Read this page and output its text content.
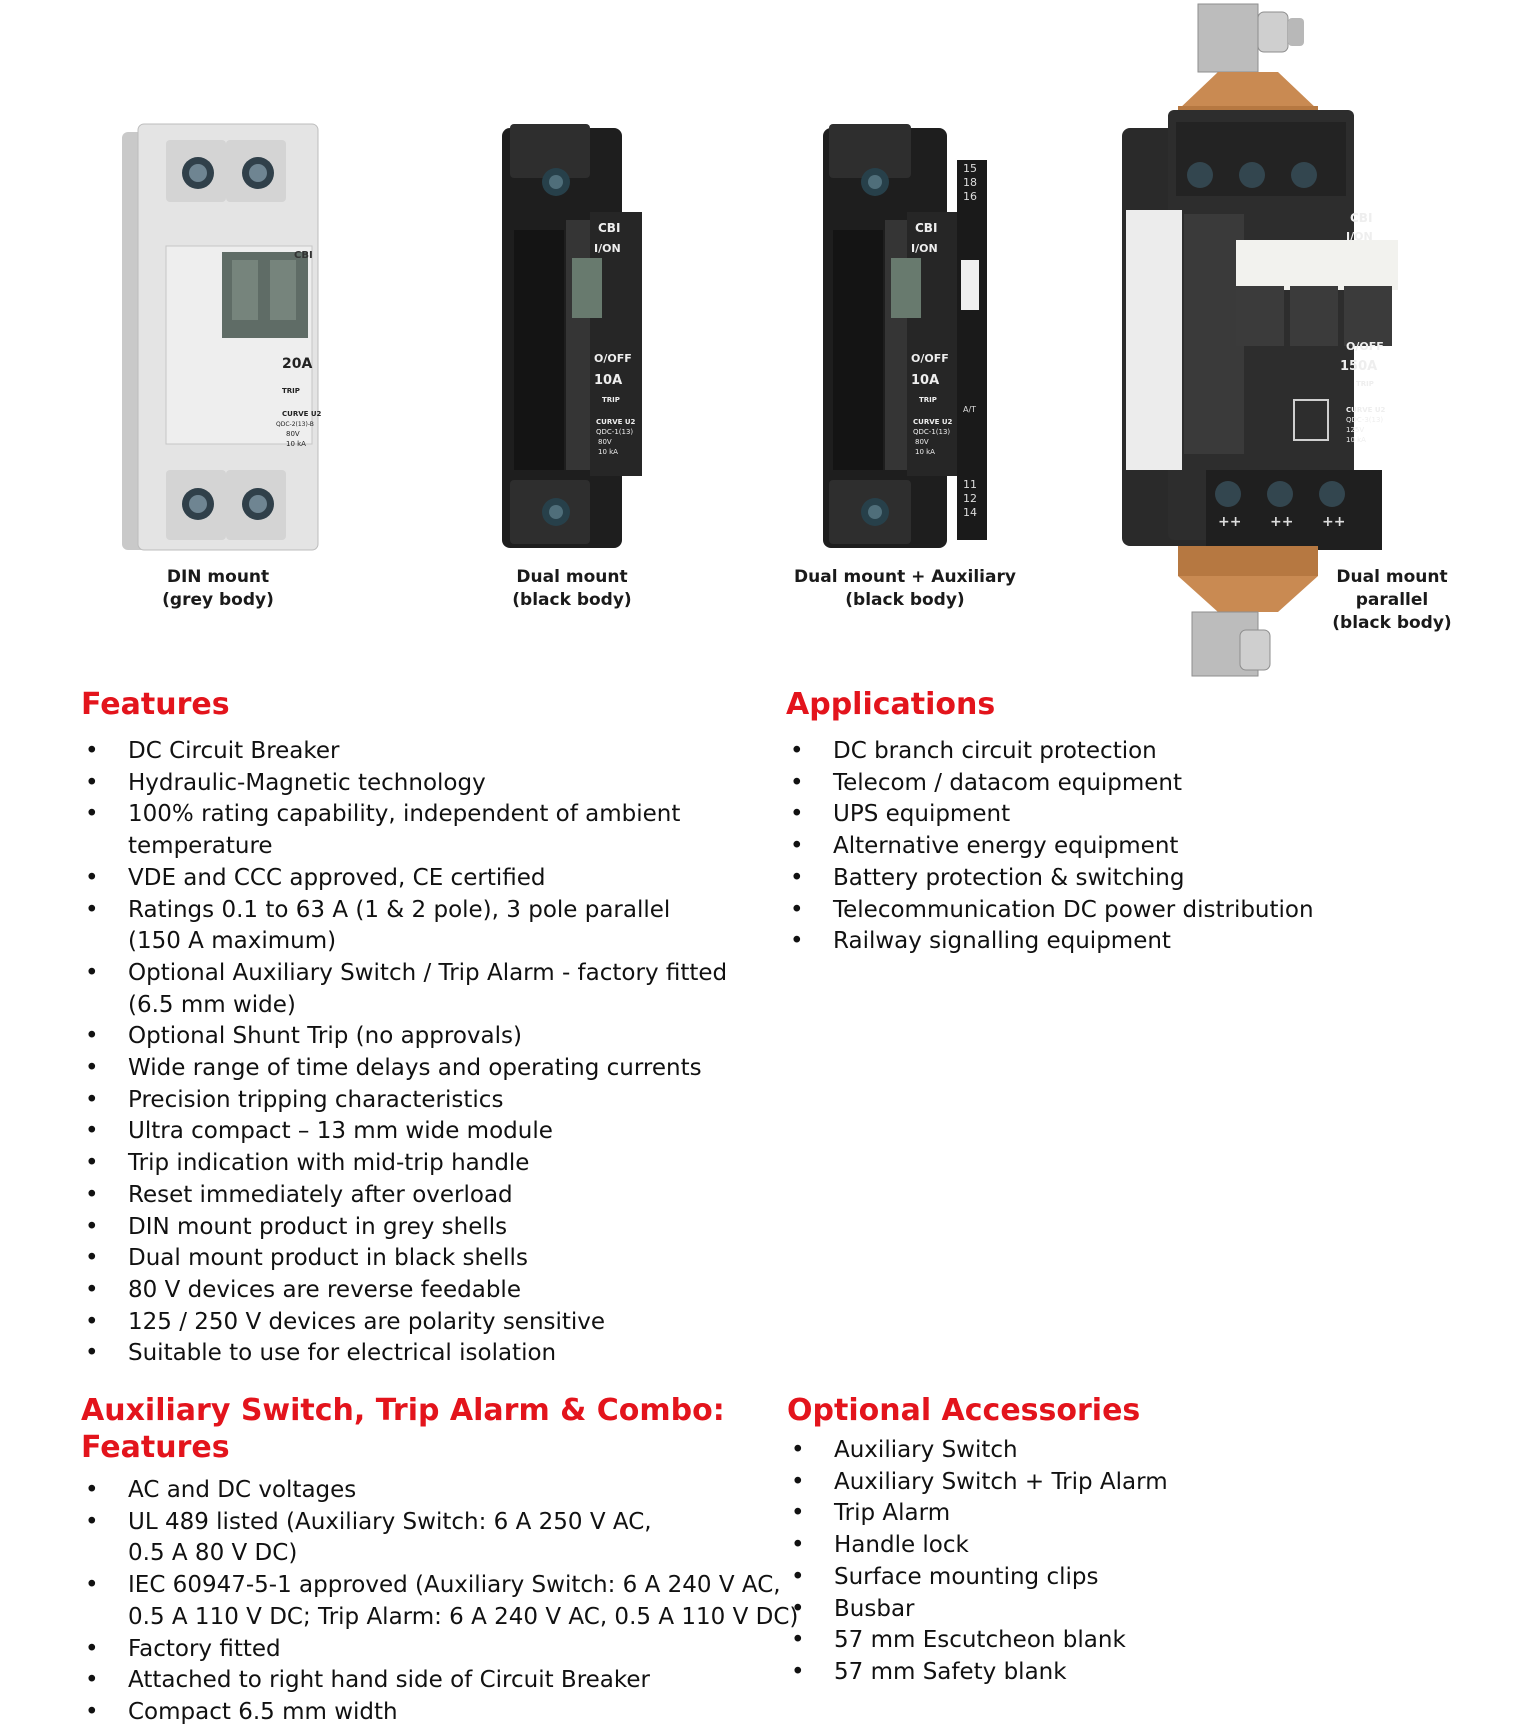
CBI
20A
TRIP
CURVE U2
QDC-2(13)-B
80V
10 kA
DIN mount
(grey body)
CBI
I/ON
O/OFF
10A
TRIP
CURVE U2
QDC-1(13)
80V
10 kA
Dual mount
(black body)
15
18
16
CBI
I/ON
O/OFF
10A
TRIP
A/T
CURVE U2
QDC-1(13)
80V
10 kA
11
12
14
Dual mount + Auxiliary
(black body)
CBI
I/ON
O/OFF
150A
TRIP
CURVE U2
QDC-3(13)
125V
10 kA
++ ++ ++
Dual mount
parallel
(black body)
Features
• DC Circuit Breaker
• Hydraulic-Magnetic technology
• 100% rating capability, independent of ambient temperature
• VDE and CCC approved, CE certified
• Ratings 0.1 to 63 A (1 & 2 pole), 3 pole parallel
(150 A maximum)
• Optional Auxiliary Switch / Trip Alarm - factory fitted
(6.5 mm wide)
• Optional Shunt Trip (no approvals)
• Wide range of time delays and operating currents
• Precision tripping characteristics
• Ultra compact – 13 mm wide module
• Trip indication with mid-trip handle
• Reset immediately after overload
• DIN mount product in grey shells
• Dual mount product in black shells
• 80 V devices are reverse feedable
• 125 / 250 V devices are polarity sensitive
• Suitable to use for electrical isolation
Applications
• DC branch circuit protection
• Telecom / datacom equipment
• UPS equipment
• Alternative energy equipment
• Battery protection & switching
• Telecommunication DC power distribution
• Railway signalling equipment
Auxiliary Switch, Trip Alarm & Combo:
Features
• AC and DC voltages
• UL 489 listed (Auxiliary Switch: 6 A 250 V AC,
0.5 A 80 V DC)
• IEC 60947-5-1 approved (Auxiliary Switch: 6 A 240 V AC,
0.5 A 110 V DC; Trip Alarm: 6 A 240 V AC, 0.5 A 110 V DC)
• Factory fitted
• Attached to right hand side of Circuit Breaker
• Compact 6.5 mm width
Optional Accessories
• Auxiliary Switch
• Auxiliary Switch + Trip Alarm
• Trip Alarm
• Handle lock
• Surface mounting clips
• Busbar
• 57 mm Escutcheon blank
• 57 mm Safety blank
